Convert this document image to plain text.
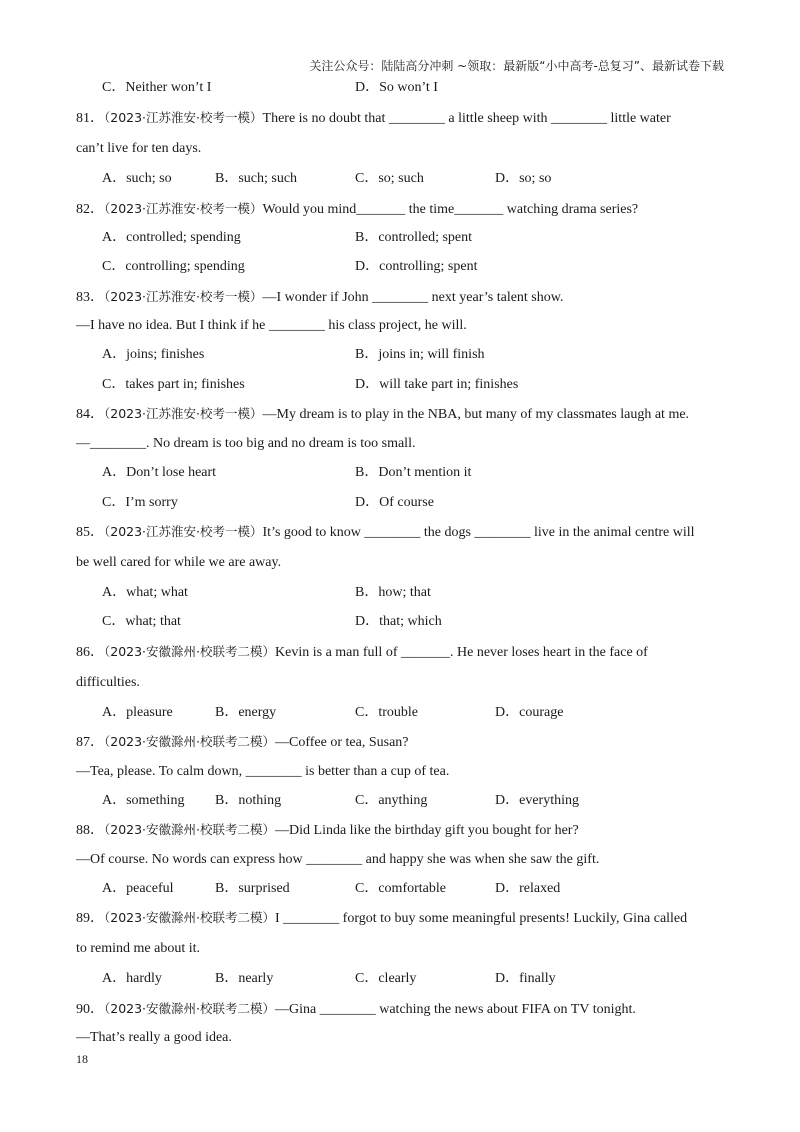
关注公众号：陆陆高分冲刺 ~领取：最新版“小中高考-总复习”、最新试卷下载
C．Neither won’t I	D．So won’t I
81．（2023·江苏淮安·校考一模）There is no doubt that ________ a little sheep with ________ little water
can’t live for ten days.
A．such; so	B．such; such	C．so; such	D．so; so
82．（2023·江苏淮安·校考一模）Would you mind_______ the time_______ watching drama series?
A．controlled; spending	B．controlled; spent
C．controlling; spending	D．controlling; spent
83．（2023·江苏淮安·校考一模）—I wonder if John ________ next year’s talent show.
—I have no idea. But I think if he ________ his class project, he will.
A．joins; finishes	B．joins in; will finish
C．takes part in; finishes	D．will take part in; finishes
84．（2023·江苏淮安·校考一模）—My dream is to play in the NBA, but many of my classmates laugh at me.
—________. No dream is too big and no dream is too small.
A．Don’t lose heart	B．Don’t mention it
C．I’m sorry	D．Of course
85．（2023·江苏淮安·校考一模）It’s good to know ________ the dogs ________ live in the animal centre will
be well cared for while we are away.
A．what; what	B．how; that
C．what; that	D．that; which
86．（2023·安徽滁州·校联考二模）Kevin is a man full of _______. He never loses heart in the face of
difficulties.
A．pleasure	B．energy	C．trouble	D．courage
87．（2023·安徽滁州·校联考二模）—Coffee or tea, Susan?
—Tea, please. To calm down, ________ is better than a cup of tea.
A．something B．nothing	C．anything	D．everything
88．（2023·安徽滁州·校联考二模）—Did Linda like the birthday gift you bought for her?
—Of course. No words can express how ________ and happy she was when she saw the gift.
A．peaceful	B．surprised	C．comfortable	D．relaxed
89．（2023·安徽滁州·校联考二模）I ________ forgot to buy some meaningful presents! Luckily, Gina called
to remind me about it.
A．hardly	B．nearly	C．clearly	D．finally
90．（2023·安徽滁州·校联考二模）—Gina ________ watching the news about FIFA on TV tonight.
—That’s really a good idea.
18
